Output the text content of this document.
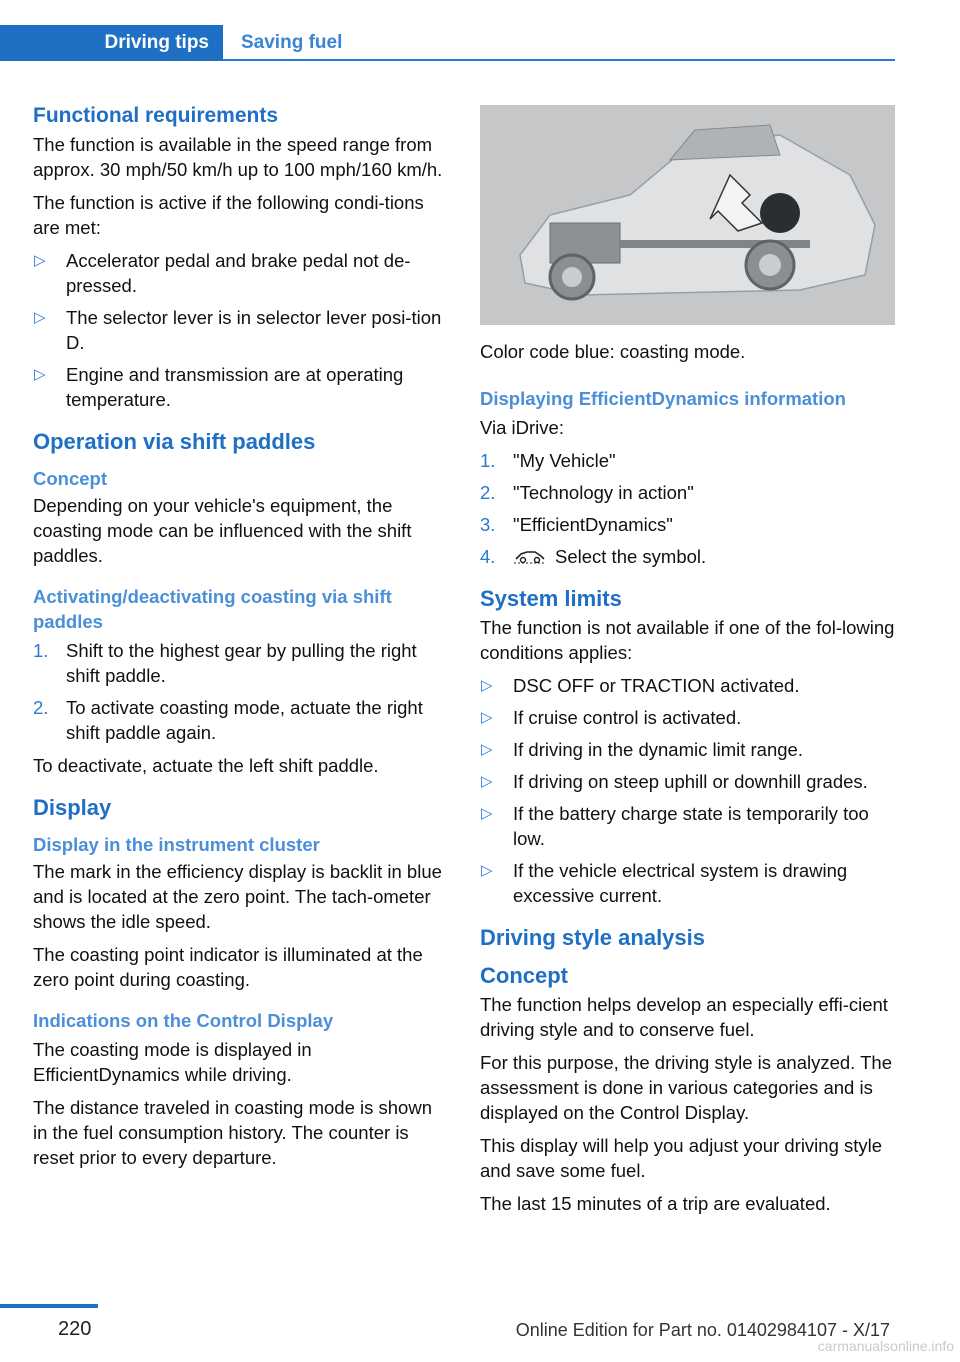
Driving tips	Saving fuel
Functional requirements

The function is available in the speed range from approx. 30 mph/50 km/h up to 100 mph/160 km/h.

The function is active if the following condi‐tions are met:

▷ Accelerator pedal and brake pedal not de‐pressed.
▷ The selector lever is in selector lever posi‐tion D.
▷ Engine and transmission are at operating temperature.
Operation via shift paddles
Concept

Depending on your vehicle's equipment, the coasting mode can be influenced with the shift paddles.

Activating/deactivating coasting via shift paddles
1. Shift to the highest gear by pulling the right shift paddle.
2. To activate coasting mode, actuate the right shift paddle again.

To deactivate, actuate the left shift paddle.

Display
Display in the instrument cluster

The mark in the efficiency display is backlit in blue and is located at the zero point. The tach‐ometer shows the idle speed.

The coasting point indicator is illuminated at the zero point during coasting.

Indications on the Control Display

The coasting mode is displayed in EfficientDynamics while driving.

The distance traveled in coasting mode is shown in the fuel consumption history. The counter is reset prior to every departure.

Color code blue: coasting mode.

Displaying EfficientDynamics information

Via iDrive:

1. "My Vehicle"
2. "Technology in action"
3. "EfficientDynamics"
4.	Select the symbol.
System limits

The function is not available if one of the fol‐lowing conditions applies:

▷ DSC OFF or TRACTION activated.
▷ If cruise control is activated.
▷ If driving in the dynamic limit range.
▷ If driving on steep uphill or downhill grades.
▷ If the battery charge state is temporarily too low.
▷ If the vehicle electrical system is drawing excessive current.
Driving style analysis
Concept

The function helps develop an especially effi‐cient driving style and to conserve fuel.

For this purpose, the driving style is analyzed. The assessment is done in various categories and is displayed on the Control Display.

This display will help you adjust your driving style and save some fuel.

The last 15 minutes of a trip are evaluated.

220	Online Edition for Part no. 01402984107 - X/17
carmanualsonline.info
